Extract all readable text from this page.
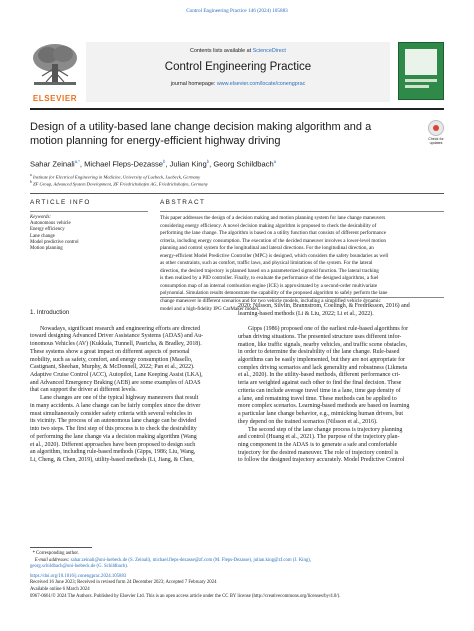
Control Engineering Practice 146 (2024) 105883
ELSEVIER
Contents lists available at ScienceDirect
Control Engineering Practice
journal homepage: www.elsevier.com/locate/conengprac
Design of a utility-based lane change decision making algorithm and a motion planning for energy-efficient highway driving	Check for updates
Sahar Zeinali$^{a,*}$, Michael Fleps-Dezasse$^b$, Julian King$^b$, Georg Schildbach$^a$
$^a$ Institute for Electrical Engineering in Medicine, University of Luebeck, Luebeck, Germany
$^b$ ZF Group, Advanced System Development, ZF Friedrichshafen AG, Friedrichshafen, Germany
ARTICLE INFO	ABSTRACT
Keywords:
Autonomous vehicle
Energy efficiency
Lane change
Model predictive control
Motion planning
This paper addresses the design of a decision making and motion planning system for lane change maneuvers
considering energy efficiency. A novel decision making algorithm is proposed to check the desirability of
performing the lane change. The algorithm is based on a utility function that consists of different performance
criteria, including energy consumption. The execution of the decided maneuver involves a lower-level motion
planning and control system for the longitudinal and lateral directions. For the longitudinal direction, an
energy-efficient Model Predictive Controller (MPC) is designed, which considers the safety boundaries as well
as other constraints, such as comfort, traffic laws, and physical limitations of the system. For the lateral
direction, the desired trajectory is planned based on a parameterized sigmoid function. The lateral tracking
is then realized by a PID controller. Finally, to evaluate the performance of the designed algorithms, a fuel
consumption map of an internal combustion engine (ICE) is approximated by a second-order multivariate
polynomial. Simulation results demonstrate the capability of the proposed algorithm to safely perform the lane
change maneuver in different scenarios and for two vehicle models, including a simplified vehicle dynamic
model and a high-fidelity IPG CarMaker model.
1. Introduction
Nowadays, significant research and engineering efforts are directed
toward designing Advanced Driver Assistance Systems (ADAS) and Au-
tonomous Vehicles (AV) (Kukkala, Tunnell, Pasricha, & Bradley, 2018).
These systems show a great impact on different aspects of personal
mobility, such as safety, comfort, and energy consumption (Masello,
Castignani, Sheehan, Murphy, & McDonnell, 2022; Pan et al., 2022).
Adaptive Cruise Control (ACC), Autopilot, Lane Keeping Assist (LKA),
and Advanced Emergency Braking (AEB) are some examples of ADAS
that can support the driver at different levels.
Lane changes are one of the typical highway maneuvers that result
in many accidents. A lane change can be fairly complex since the driver
must simultaneously consider safety criteria with several vehicles in
its vicinity. The process of an autonomous lane change can be divided
into two steps. The first step of this process is to check the desirability
of performing the lane change via a decision making algorithm (Wang
et al., 2020). Different approaches have been proposed to design such
an algorithm, including rule-based methods (Gipps, 1986; Liu, Wang,
Li, Cheng, & Chen, 2019), utility-based methods (Li, Jiang, & Chen,
2020; Nilsson, Silvlin, Brannstrom, Coelingh, & Fredriksson, 2016) and
learning-based methods (Li & Liu, 2022; Li et al., 2022).
Gipps (1986) proposed one of the earliest rule-based algorithms for
urban driving situations. The presented structure uses different infor-
mation, like traffic signals, nearby vehicles, and traffic scene obstacles,
in order to determine the desirability of the lane change. Rule-based
algorithms can be easily implemented, but they are not appropriate for
complex driving scenarios and lack generality and robustness (Likmeta
et al., 2020). In the utility-based methods, different performance cri-
teria are weighted against each other to find the final decision. These
criteria can include average travel time in a lane, time gap density of
a lane, and remaining travel time. These methods can be applied to
more complex scenarios. Learning-based methods are based on learning
a particular lane change behavior, e.g., mimicking human drivers, but
they depend on the trained scenarios (Nilsson et al., 2016).
The second step of the lane change process is trajectory planning
and control (Huang et al., 2021). The purpose of the trajectory plan-
ning component in the ADAS is to generate a safe and comfortable
trajectory for the desired maneuver. The role of trajectory control is
to follow the designed trajectory accurately. Model Predictive Control
* Corresponding author.
E-mail addresses: sahar.zeinali@uni-luebeck.de (S. Zeinali), michael.fleps-dezasse@zf.com (M. Fleps-Dezasse), julian.king@zf.com (J. King),
georg.schildbach@uni-luebeck.de (G. Schildbach).
https://doi.org/10.1016/j.conengprac.2024.105883
Received 16 June 2023; Received in revised form 24 December 2023; Accepted 7 February 2024
Available online 6 March 2024
0967-0661/© 2024 The Authors. Published by Elsevier Ltd. This is an open access article under the CC BY license (http://creativecommons.org/licenses/by/4.0/).
